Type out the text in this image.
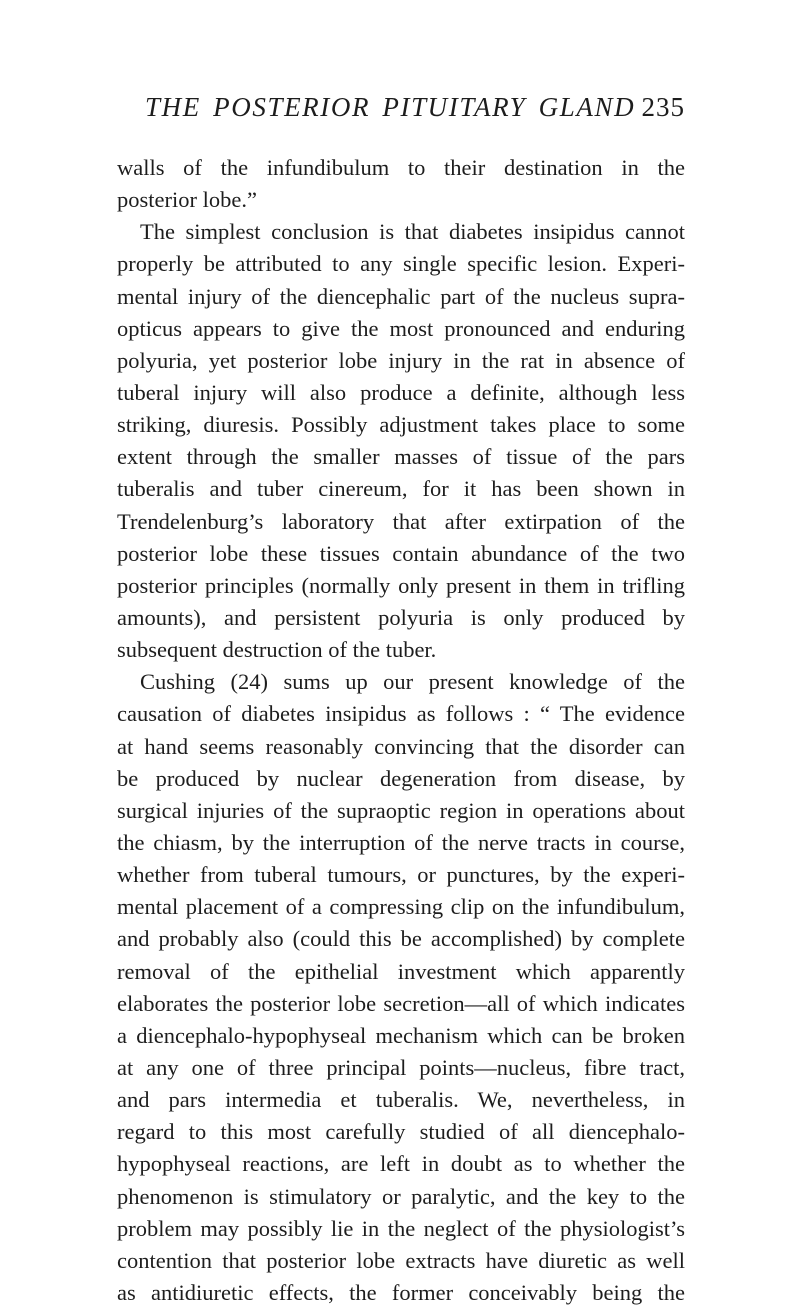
THE POSTERIOR PITUITARY GLAND 235
walls of the infundibulum to their destination in the
posterior lobe.”
The simplest conclusion is that diabetes insipidus cannot
properly be attributed to any single specific lesion. Experi-
mental injury of the diencephalic part of the nucleus supra-
opticus appears to give the most pronounced and enduring
polyuria, yet posterior lobe injury in the rat in absence of
tuberal injury will also produce a definite, although less
striking, diuresis. Possibly adjustment takes place to some
extent through the smaller masses of tissue of the pars
tuberalis and tuber cinereum, for it has been shown in
Trendelenburg’s laboratory that after extirpation of the
posterior lobe these tissues contain abundance of the two
posterior principles (normally only present in them in trifling
amounts), and persistent polyuria is only produced by
subsequent destruction of the tuber.
Cushing (24) sums up our present knowledge of the
causation of diabetes insipidus as follows : “ The evidence
at hand seems reasonably convincing that the disorder can
be produced by nuclear degeneration from disease, by
surgical injuries of the supraoptic region in operations about
the chiasm, by the interruption of the nerve tracts in course,
whether from tuberal tumours, or punctures, by the experi-
mental placement of a compressing clip on the infundibulum,
and probably also (could this be accomplished) by complete
removal of the epithelial investment which apparently
elaborates the posterior lobe secretion—all of which indicates
a diencephalo-hypophyseal mechanism which can be broken
at any one of three principal points—nucleus, fibre tract,
and pars intermedia et tuberalis. We, nevertheless, in
regard to this most carefully studied of all diencephalo-
hypophyseal reactions, are left in doubt as to whether the
phenomenon is stimulatory or paralytic, and the key to the
problem may possibly lie in the neglect of the physiologist’s
contention that posterior lobe extracts have diuretic as well
as antidiuretic effects, the former conceivably being the
